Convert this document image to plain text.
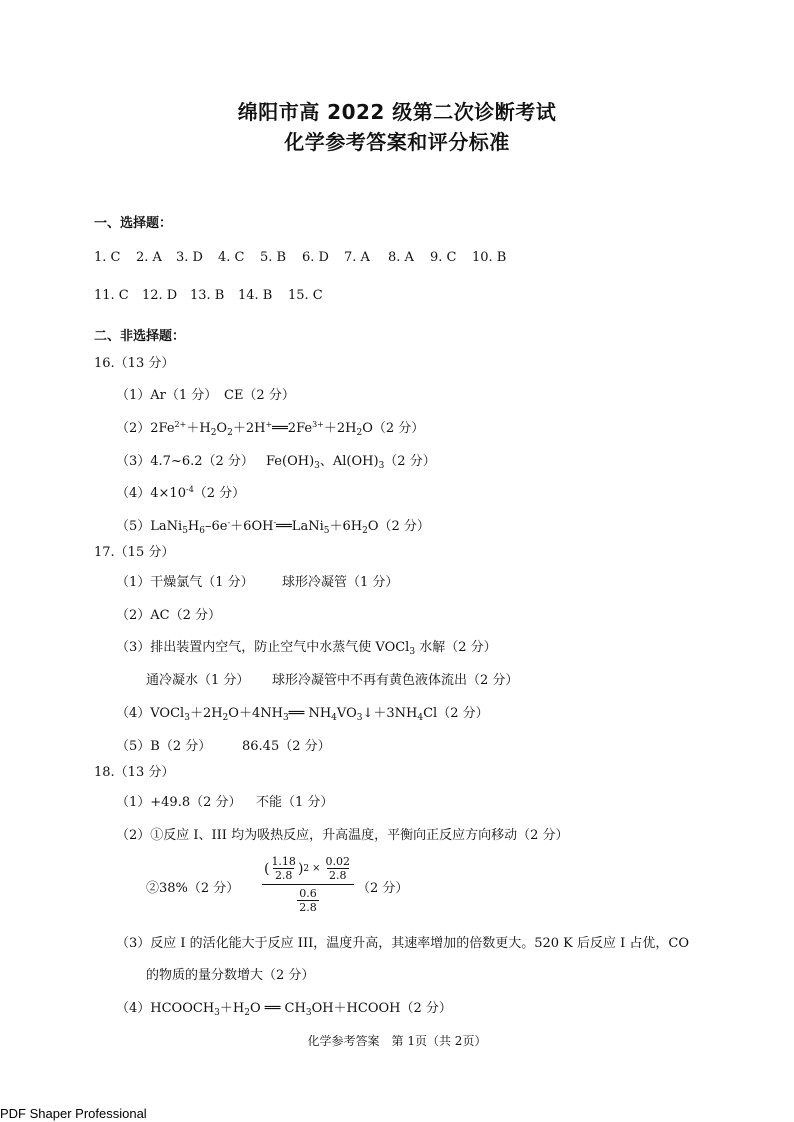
绵阳市高 2022 级第二次诊断考试
化学参考答案和评分标准
一、选择题：
1. C 2. A 3. D 4. C 5. B 6. D 7. A 8. A 9. C 10. B
11. C 12. D 13. B 14. B 15. C
二、非选择题：
16.（13 分）
（1）Ar（1 分） CE（2 分）
$(2)2Fe^{2+}+H_2O_2+2H^+══2Fe^{3+}+2H_2O(2$ 分）
（3）4.7~6.2（2 分） $Fe(OH)_3$、$Al(OH)_3(2$ 分）
$(4)4\times 10^{-4}(2$ 分）
$(5)LaNi_5H_6-6e^-+6OH^-══LaNi_5+6H_2O(2$ 分）
17.（15 分）
（1）干燥氯气（1 分） 球形冷凝管（1 分）
（2）AC（2 分）
（3）排出装置内空气，防止空气中水蒸气使 VOCl$_3$ 水解（2 分）
通冷凝水（1 分） 球形冷凝管中不再有黄色液体流出（2 分）
$(4)VOCl_3+2H_2O+4NH_3══$ $NH_4VO_3↓+3NH_4Cl(2$ 分）
（5）B（2 分） 86.45（2 分）
18.（13 分）
（1）+49.8（2 分） 不能（1 分）
（2）①反应 I、III 均为吸热反应，升高温度，平衡向正反应方向移动（2 分）
②38%（2 分）
( $\frac{1.18}{2.8}$ ) $2 \times \frac{0.02}{2.8}$
$\frac{0.6}{2.8}$	（2 分）
（3）反应 I 的活化能大于反应 III，温度升高，其速率增加的倍数更大。520 K 后反应 I 占优，CO
的物质的量分数增大（2 分）
$(4)HCOOCH_3+H_2O$ ══ $CH_3OH+HCOOH(2$ 分）
化学参考答案　第 1页（共 2页）
PDF Shaper Professional
